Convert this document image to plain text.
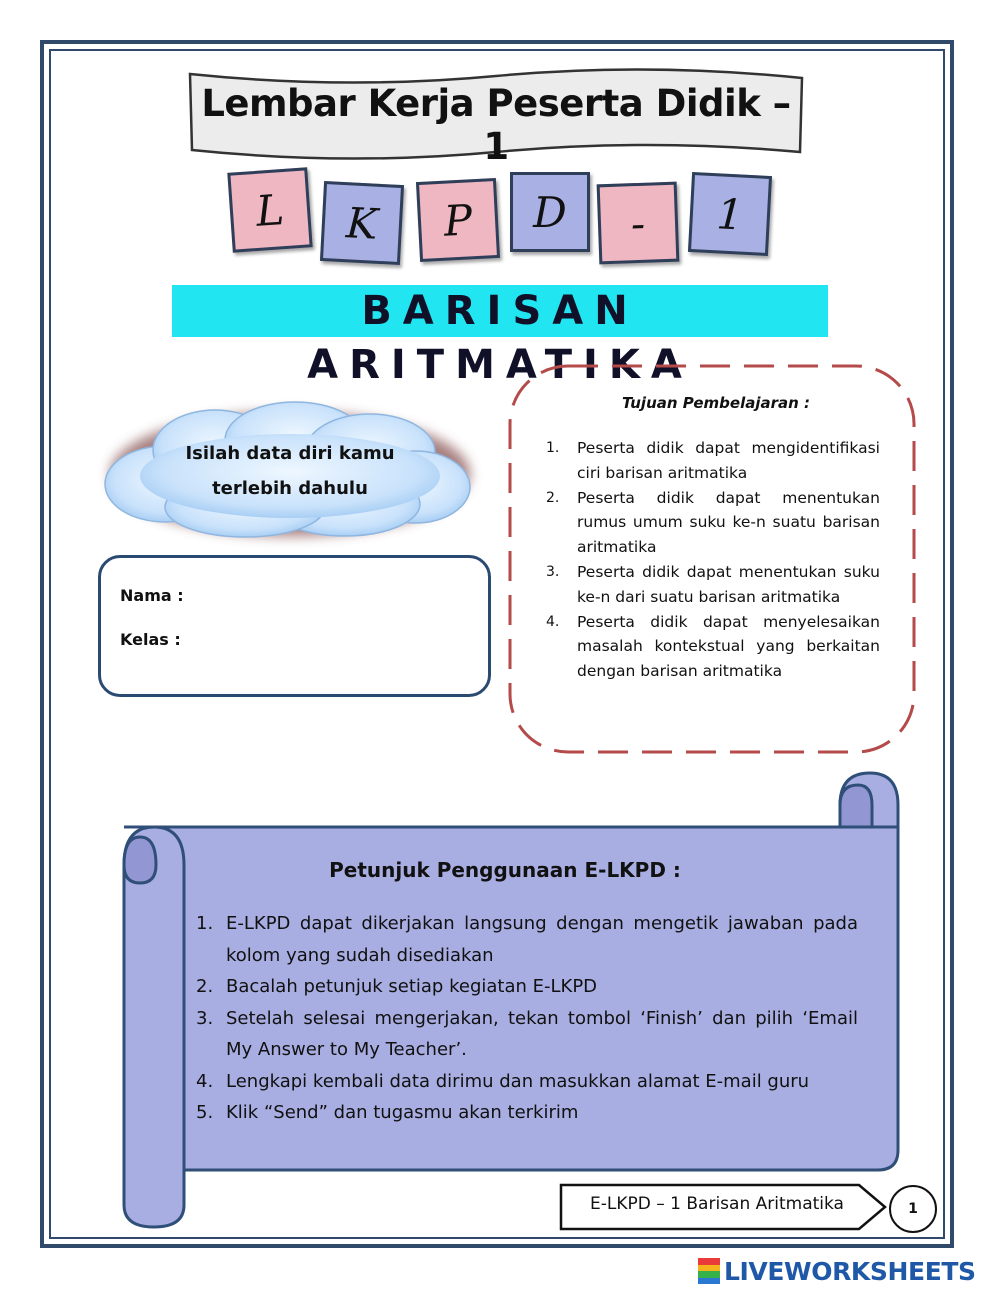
Lembar Kerja Peserta Didik – 1
L	K	P	D	-	1
BARISAN ARITMATIKA
Isilah data diri kamu
terlebih dahulu
Nama :
Kelas :
Tujuan Pembelajaran :
1. Peserta didik dapat mengidentifikasi ciri barisan aritmatika
2. Peserta didik dapat menentukan rumus umum suku ke-n suatu barisan aritmatika
3. Peserta didik dapat menentukan suku ke-n dari suatu barisan aritmatika
4. Peserta didik dapat menyelesaikan masalah kontekstual yang berkaitan dengan barisan aritmatika
Petunjuk Penggunaan E-LKPD :
1. E-LKPD dapat dikerjakan langsung dengan mengetik jawaban pada kolom yang sudah disediakan
2. Bacalah petunjuk setiap kegiatan E-LKPD
3. Setelah selesai mengerjakan, tekan tombol ‘Finish’ dan pilih ‘Email My Answer to My Teacher’.
4. Lengkapi kembali data dirimu dan masukkan alamat E-mail guru
5. Klik “Send” dan tugasmu akan terkirim
E-LKPD – 1 Barisan Aritmatika	1
LIVEWORKSHEETS
